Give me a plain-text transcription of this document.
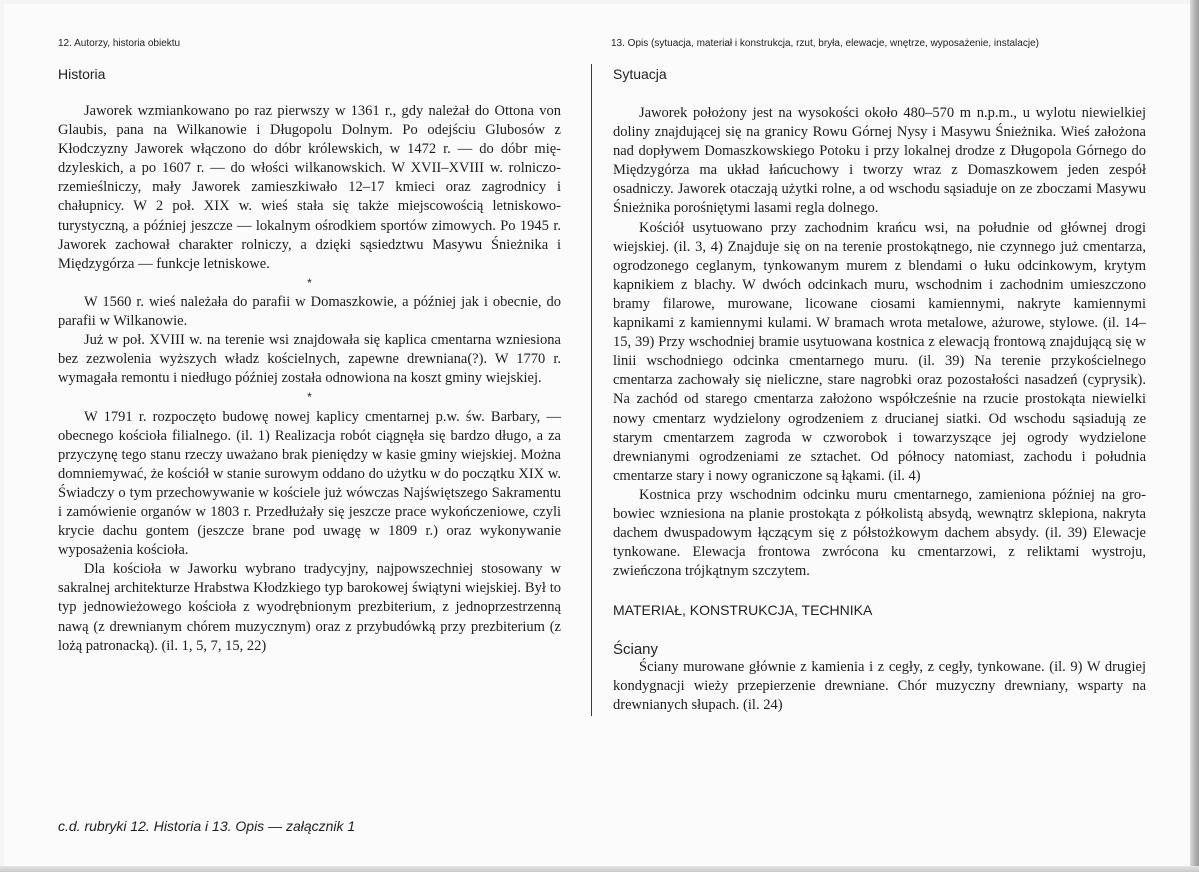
12. Autorzy, historia obiektu	13. Opis (sytuacja, materiał i konstrukcja, rzut, bryła, elewacje, wnętrze, wyposażenie, instalacje)
Historia	Sytuacja

Jaworek wzmiankowano po raz pierwszy w 1361 r., gdy należał do Ottona von Glaubis, pana na Wilkanowie i Długopolu Dolnym. Po odejściu Glubosów z Kłodczyzny Jaworek włączono do dóbr królewskich, w 1472 r. — do dóbr międzyleskich, a po 1607 r. — do włości wilkanowskich. W XVII–XVIII w. rolniczo-rzemieślniczy, mały Jaworek zamieszkiwało 12–17 kmieci oraz zagrodnicy i chałupnicy. W 2 poł. XIX w. wieś stała się także miejscowością letniskowo-turystyczną, a później jeszcze — lokalnym ośrodkiem sportów zimowych. Po 1945 r. Jaworek zachował charakter rolniczy, a dzięki sąsiedztwu Masywu Śnieżnika i Międzygórza — funkcje letniskowe.

*

W 1560 r. wieś należała do parafii w Domaszkowie, a później jak i obecnie, do parafii w Wilkanowie.

Już w poł. XVIII w. na terenie wsi znajdowała się kaplica cmentarna wzniesiona bez zezwolenia wyższych władz kościelnych, zapewne drewniana(?). W 1770 r. wymagała remontu i niedługo później została odnowiona na koszt gminy wiejskiej.

*

W 1791 r. rozpoczęto budowę nowej kaplicy cmentarnej p.w. św. Barbary, — obecnego kościoła filialnego. (il. 1) Realizacja robót ciągnęła się bardzo długo, a za przyczynę tego stanu rzeczy uważano brak pieniędzy w kasie gminy wiejskiej. Można domniemywać, że kościół w stanie surowym oddano do użytku w do początku XIX w. Świadczy o tym przechowywanie w kościele już wówczas Najświętszego Sakramentu i zamówienie organów w 1803 r. Przedłużały się jeszcze prace wykończeniowe, czyli krycie dachu gontem (jeszcze brane pod uwagę w 1809 r.) oraz wykonywanie wyposażenia kościoła.

Dla kościoła w Jaworku wybrano tradycyjny, najpowszechniej stosowany w sakralnej architekturze Hrabstwa Kłodzkiego typ barokowej świątyni wiejskiej. Był to typ jednowieżowego kościoła z wyodrębnionym prezbiterium, z jednoprzestrzenną nawą (z drewnianym chórem muzycznym) oraz z przybudówką przy prezbiterium (z lożą patronacką). (il. 1, 5, 7, 15, 22)

Jaworek położony jest na wysokości około 480–570 m n.p.m., u wylotu niewielkiej doliny znajdującej się na granicy Rowu Górnej Nysy i Masywu Śnieżnika. Wieś założona nad dopływem Domaszkowskiego Potoku i przy lokalnej drodze z Długopola Górnego do Międzygórza ma układ łańcuchowy i tworzy wraz z Domaszkowem jeden zespół osadniczy. Jaworek otaczają użytki rolne, a od wschodu sąsiaduje on ze zboczami Masywu Śnieżnika porośniętymi lasami regla dolnego.

Kościół usytuowano przy zachodnim krańcu wsi, na południe od głównej drogi wiejskiej. (il. 3, 4) Znajduje się on na terenie prostokątnego, nie czynnego już cmentarza, ogrodzonego ceglanym, tynkowanym murem z blendami o łuku odcinkowym, krytym kapnikiem z blachy. W dwóch odcinkach muru, wschodnim i zachodnim umieszczono bramy filarowe, murowane, licowane ciosami kamiennymi, nakryte kamiennymi kapnikami z kamiennymi kulami. W bramach wrota metalowe, ażurowe, stylowe. (il. 14–15, 39) Przy wschodniej bramie usytuowana kostnica z elewacją frontową znajdującą się w linii wschodniego odcinka cmentarnego muru. (il. 39) Na terenie przykościelnego cmentarza zachowały się nieliczne, stare nagrobki oraz pozostałości nasadzeń (cyprysik). Na zachód od starego cmentarza założono współcześnie na rzucie prostokąta niewielki nowy cmentarz wydzielony ogrodzeniem z drucianej siatki. Od wschodu sąsiadują ze starym cmentarzem zagroda w czworobok i towarzyszące jej ogrody wydzielone drewnianymi ogrodzeniami ze sztachet. Od północy natomiast, zachodu i południa cmentarze stary i nowy ograniczone są łąkami. (il. 4)

Kostnica przy wschodnim odcinku muru cmentarnego, zamieniona później na grobowiec wzniesiona na planie prostokąta z półkolistą absydą, wewnątrz sklepiona, nakryta dachem dwuspadowym łączącym się z półstożkowym dachem absydy. (il. 39) Elewacje tynkowane. Elewacja frontowa zwrócona ku cmentarzowi, z reliktami wystroju, zwieńczona trójkątnym szczytem.

MATERIAŁ, KONSTRUKCJA, TECHNIKA
Ściany

Ściany murowane głównie z kamienia i z cegły, z cegły, tynkowane. (il. 9) W drugiej kondygnacji wieży przepierzenie drewniane. Chór muzyczny drewniany, wsparty na drewnianych słupach. (il. 24)

c.d. rubryki 12. Historia i 13. Opis — załącznik 1
